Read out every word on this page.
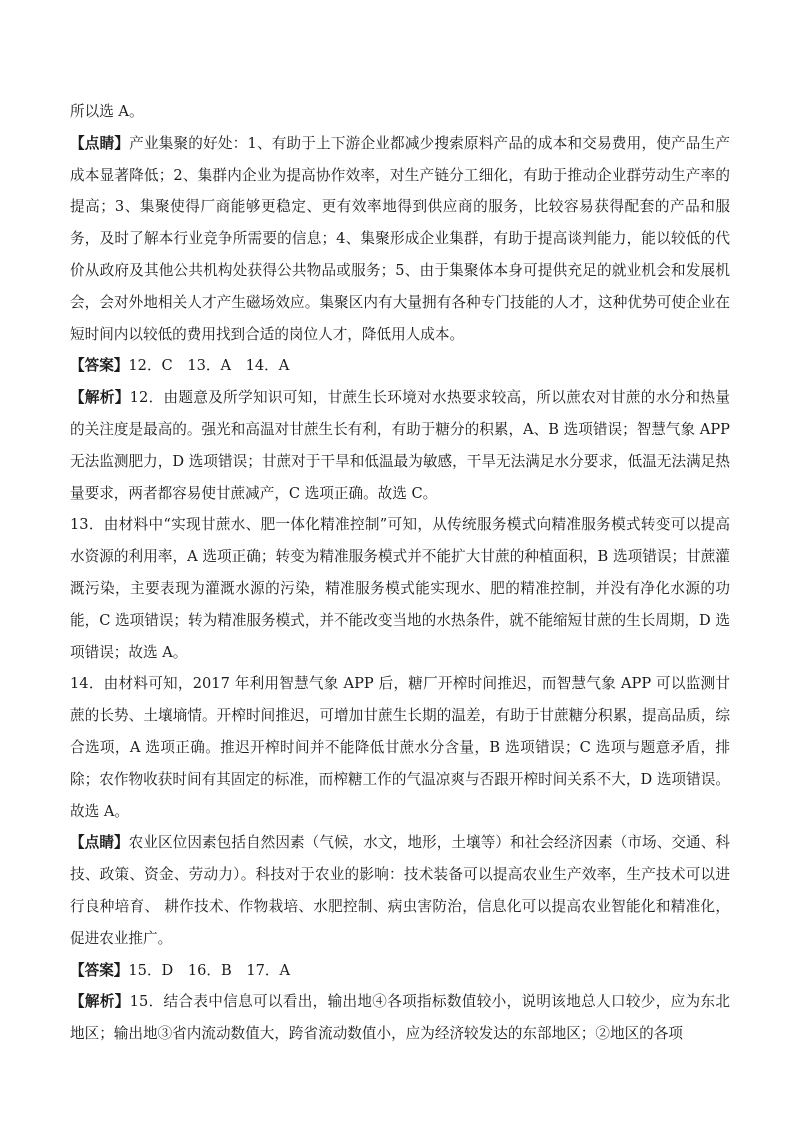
所以选 A。

【点睛】产业集聚的好处：1、有助于上下游企业都减少搜索原料产品的成本和交易费用，使产品生产成本显著降低；2、集群内企业为提高协作效率，对生产链分工细化，有助于推动企业群劳动生产率的提高；3、集聚使得厂商能够更稳定、更有效率地得到供应商的服务，比较容易获得配套的产品和服务，及时了解本行业竞争所需要的信息；4、集聚形成企业集群，有助于提高谈判能力，能以较低的代价从政府及其他公共机构处获得公共物品或服务；5、由于集聚体本身可提供充足的就业机会和发展机会，会对外地相关人才产生磁场效应。集聚区内有大量拥有各种专门技能的人才，这种优势可使企业在短时间内以较低的费用找到合适的岗位人才，降低用人成本。

【答案】12．C　13．A　14．A

【解析】12．由题意及所学知识可知，甘蔗生长环境对水热要求较高，所以蔗农对甘蔗的水分和热量的关注度是最高的。强光和高温对甘蔗生长有利，有助于糖分的积累，A、B 选项错误；智慧气象 APP 无法监测肥力，D 选项错误；甘蔗对于干旱和低温最为敏感，干旱无法满足水分要求，低温无法满足热量要求，两者都容易使甘蔗减产，C 选项正确。故选 C。

13．由材料中“实现甘蔗水、肥一体化精准控制”可知，从传统服务模式向精准服务模式转变可以提高水资源的利用率，A 选项正确；转变为精准服务模式并不能扩大甘蔗的种植面积，B 选项错误；甘蔗灌溉污染，主要表现为灌溉水源的污染，精准服务模式能实现水、肥的精准控制，并没有净化水源的功能，C 选项错误；转为精准服务模式，并不能改变当地的水热条件，就不能缩短甘蔗的生长周期，D 选项错误；故选 A。

14．由材料可知，2017 年利用智慧气象 APP 后，糖厂开榨时间推迟，而智慧气象 APP 可以监测甘蔗的长势、土壤墒情。开榨时间推迟，可增加甘蔗生长期的温差，有助于甘蔗糖分积累，提高品质，综合选项，A 选项正确。推迟开榨时间并不能降低甘蔗水分含量，B 选项错误；C 选项与题意矛盾，排除；农作物收获时间有其固定的标准，而榨糖工作的气温凉爽与否跟开榨时间关系不大，D 选项错误。故选 A。

【点睛】农业区位因素包括自然因素（气候，水文，地形，土壤等）和社会经济因素（市场、交通、科技、政策、资金、劳动力）。科技对于农业的影响：技术装备可以提高农业生产效率，生产技术可以进行良种培育、 耕作技术、作物栽培、水肥控制、病虫害防治，信息化可以提高农业智能化和精准化，促进农业推广。

【答案】15．D　16．B　17．A

【解析】15．结合表中信息可以看出，输出地④各项指标数值较小，说明该地总人口较少，应为东北地区；输出地③省内流动数值大，跨省流动数值小，应为经济较发达的东部地区；②地区的各项
